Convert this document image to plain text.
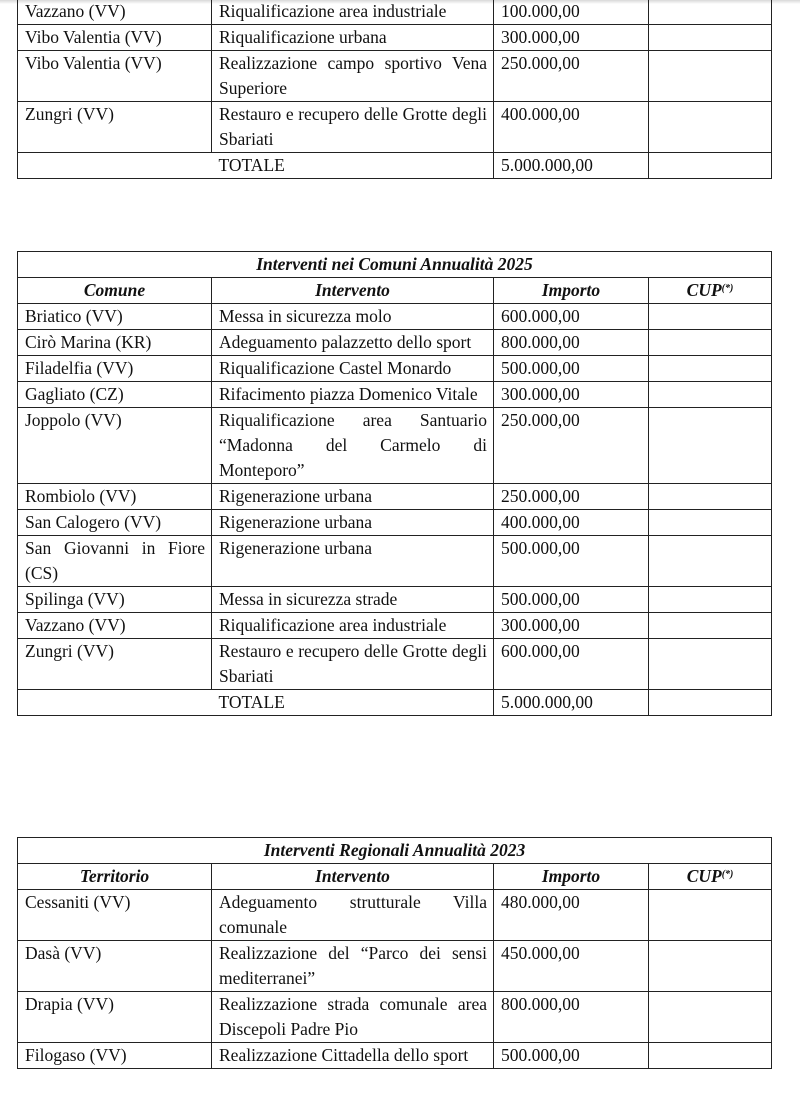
Vazzano (VV)	Riqualificazione area industriale	100.000,00	
Vibo Valentia (VV)	Riqualificazione urbana	300.000,00	
Vibo Valentia (VV)	Realizzazione campo sportivo Vena Superiore	250.000,00	
Zungri (VV)	Restauro e recupero delle Grotte degli Sbariati	400.000,00	
	TOTALE	5.000.000,00	
Interventi nei Comuni Annualità 2025			
Comune	Intervento	Importo	CUP(*)
Briatico (VV)	Messa in sicurezza molo	600.000,00	
Cirò Marina (KR)	Adeguamento palazzetto dello sport	800.000,00	
Filadelfia (VV)	Riqualificazione Castel Monardo	500.000,00	
Gagliato (CZ)	Rifacimento piazza Domenico Vitale	300.000,00	
Joppolo (VV)	Riqualificazione area Santuario “Madonna del Carmelo di Monteporo”	250.000,00	
Rombiolo (VV)	Rigenerazione urbana	250.000,00	
San Calogero (VV)	Rigenerazione urbana	400.000,00	
San Giovanni in Fiore (CS)	Rigenerazione urbana	500.000,00	
Spilinga (VV)	Messa in sicurezza strade	500.000,00	
Vazzano (VV)	Riqualificazione area industriale	300.000,00	
Zungri (VV)	Restauro e recupero delle Grotte degli Sbariati	600.000,00	
	TOTALE	5.000.000,00	
Interventi Regionali Annualità 2023			
Territorio	Intervento	Importo	CUP(*)
Cessaniti (VV)	Adeguamento strutturale Villa comunale	480.000,00	
Dasà (VV)	Realizzazione del “Parco dei sensi mediterranei”	450.000,00	
Drapia (VV)	Realizzazione strada comunale area Discepoli Padre Pio	800.000,00	
Filogaso (VV)	Realizzazione Cittadella dello sport	500.000,00	
